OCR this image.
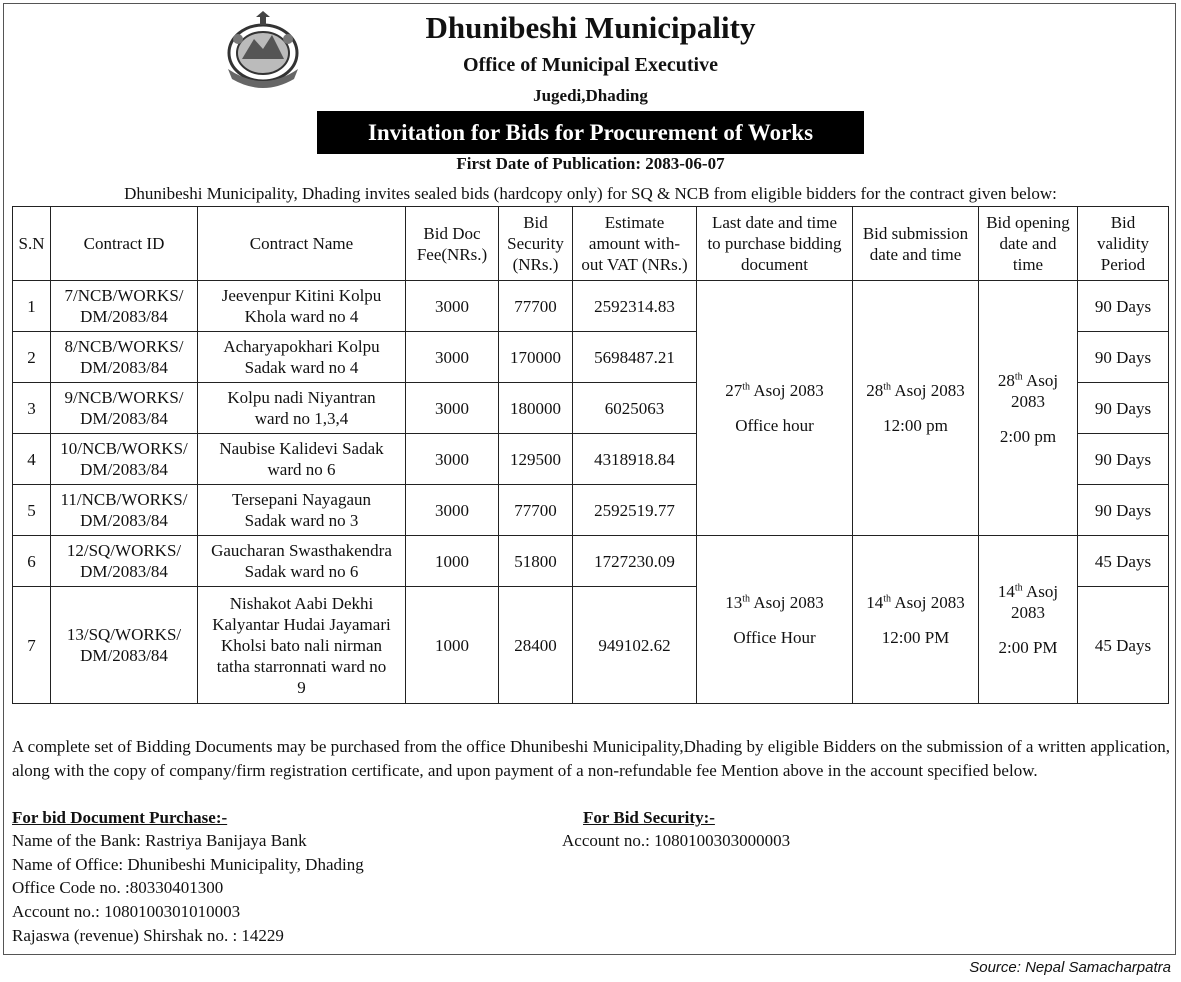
Dhunibeshi Municipality
Office of Municipal Executive
Jugedi,Dhading
Invitation for Bids for Procurement of Works
First Date of Publication: 2083-06-07
Dhunibeshi Municipality, Dhading invites sealed bids (hardcopy only) for SQ & NCB from eligible bidders for the contract given below:
S.N	Contract ID	Contract Name	Bid Doc
Fee(NRs.)	Bid
Security
(NRs.)	Estimate
amount with-
out VAT (NRs.)	Last date and time
to purchase bidding
document	Bid submission
date and time	Bid opening
date and
time	Bid
validity
Period

1	7/NCB/WORKS/
DM/2083/84	Jeevenpur Kitini Kolpu
Khola ward no 4	3000	77700	2592314.83	27th Asoj 2083
Office hour	28th Asoj 2083
12:00 pm	28th Asoj
2083
2:00 pm	90 Days
2	8/NCB/WORKS/
DM/2083/84	Acharyapokhari Kolpu
Sadak ward no 4	3000	170000	5698487.21				90 Days
3	9/NCB/WORKS/
DM/2083/84	Kolpu nadi Niyantran
ward no 1,3,4	3000	180000	6025063				90 Days
4	10/NCB/WORKS/
DM/2083/84	Naubise Kalidevi Sadak
ward no 6	3000	129500	4318918.84				90 Days
5	11/NCB/WORKS/
DM/2083/84	Tersepani Nayagaun
Sadak ward no 3	3000	77700	2592519.77				90 Days
6	12/SQ/WORKS/
DM/2083/84	Gaucharan Swasthakendra
Sadak ward no 6	1000	51800	1727230.09	13th Asoj 2083
Office Hour	14th Asoj 2083
12:00 PM	14th Asoj
2083
2:00 PM	45 Days
7	13/SQ/WORKS/
DM/2083/84	Nishakot Aabi Dekhi
Kalyantar Hudai Jayamari
Kholsi bato nali nirman
tatha starronnati ward no
9	1000	28400	949102.62				45 Days
A complete set of Bidding Documents may be purchased from the office Dhunibeshi Municipality,Dhading by eligible Bidders on the submission of a written application, along with the copy of company/firm registration certificate, and upon payment of a non-refundable fee Mention above in the account specified below.
For bid Document Purchase:-
Name of the Bank: Rastriya Banijaya Bank
Name of Office: Dhunibeshi Municipality, Dhading
Office Code no. :80330401300
Account no.: 1080100301010003
Rajaswa (revenue) Shirshak no. : 14229
For Bid Security:-
Account no.: 1080100303000003
Source: Nepal Samacharpatra
